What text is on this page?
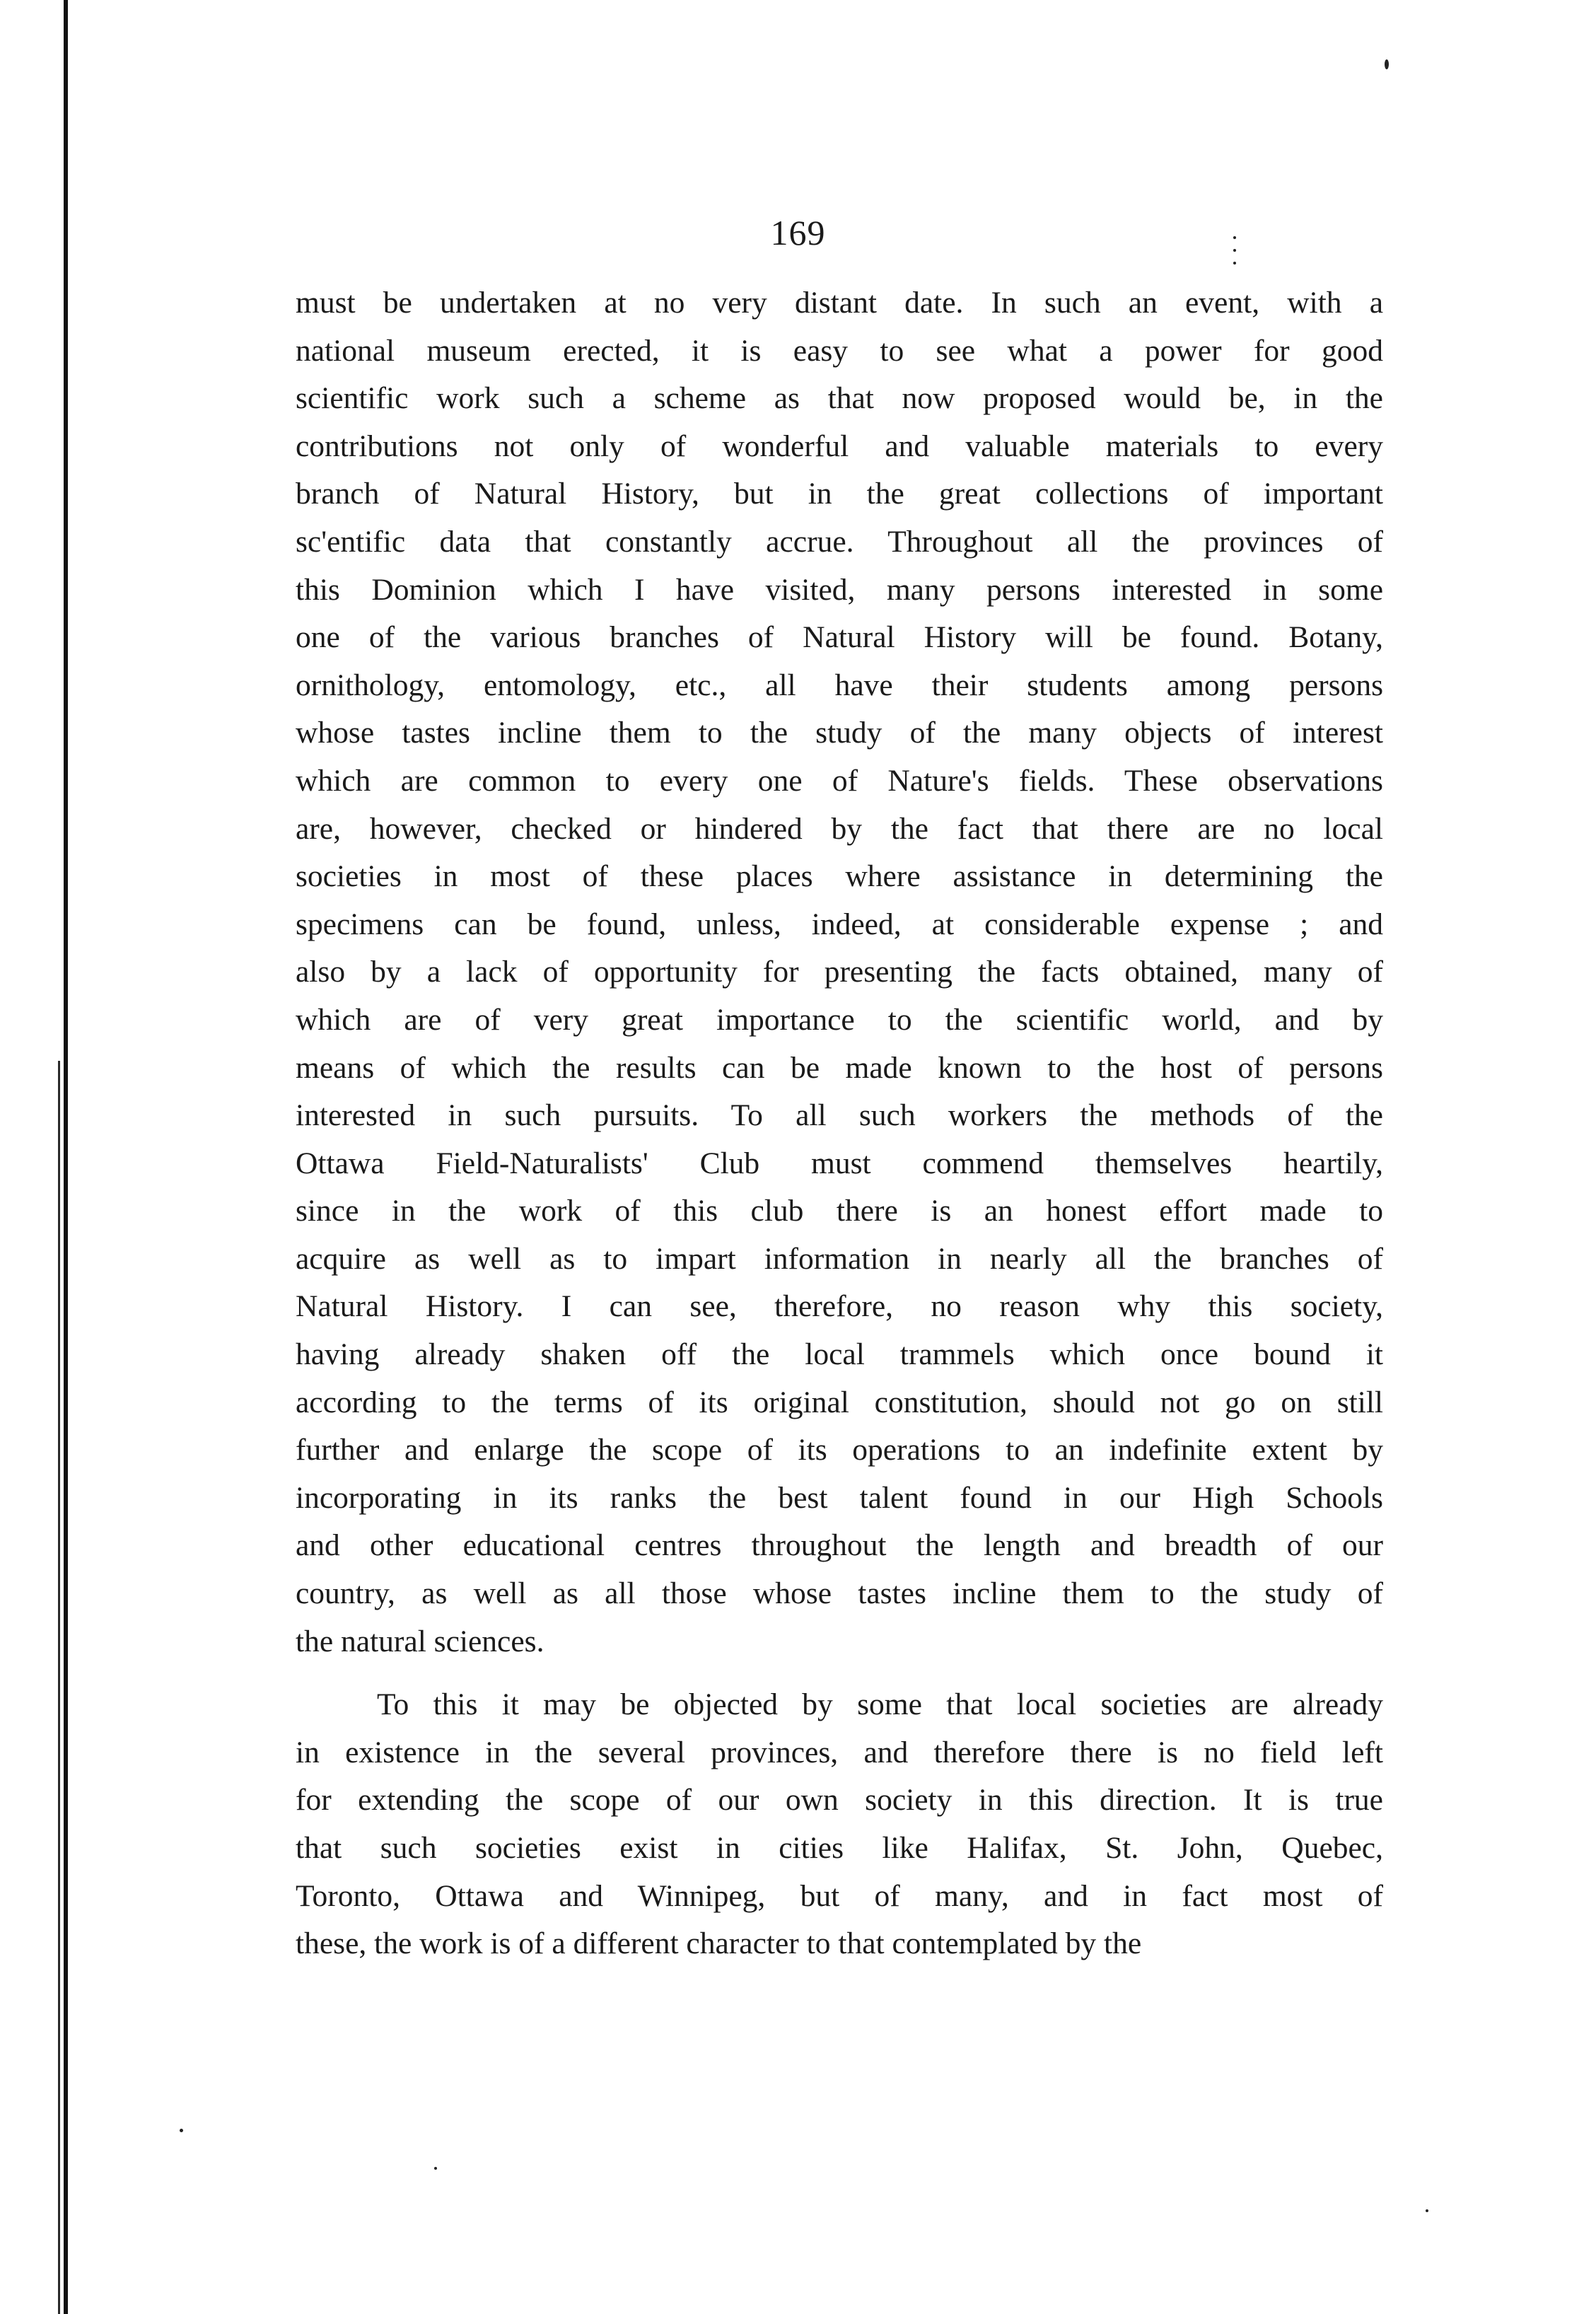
169
must be undertaken at no very distant date. In such an event, with a
national museum erected, it is easy to see what a power for good
scientific work such a scheme as that now proposed would be, in the
contributions not only of wonderful and valuable materials to every
branch of Natural History, but in the great collections of important
sc'entific data that constantly accrue. Throughout all the provinces of
this Dominion which I have visited, many persons interested in some
one of the various branches of Natural History will be found. Botany,
ornithology, entomology, etc., all have their students among persons
whose tastes incline them to the study of the many objects of interest
which are common to every one of Nature's fields. These observations
are, however, checked or hindered by the fact that there are no local
societies in most of these places where assistance in determining the
specimens can be found, unless, indeed, at considerable expense ; and
also by a lack of opportunity for presenting the facts obtained, many of
which are of very great importance to the scientific world, and by
means of which the results can be made known to the host of persons
interested in such pursuits. To all such workers the methods of the
Ottawa Field-Naturalists' Club must commend themselves heartily,
since in the work of this club there is an honest effort made to
acquire as well as to impart information in nearly all the branches of
Natural History. I can see, therefore, no reason why this society,
having already shaken off the local trammels which once bound it
according to the terms of its original constitution, should not go on still
further and enlarge the scope of its operations to an indefinite extent by
incorporating in its ranks the best talent found in our High Schools
and other educational centres throughout the length and breadth of our
country, as well as all those whose tastes incline them to the study of
the natural sciences.
To this it may be objected by some that local societies are already
in existence in the several provinces, and therefore there is no field left
for extending the scope of our own society in this direction. It is true
that such societies exist in cities like Halifax, St. John, Quebec,
Toronto, Ottawa and Winnipeg, but of many, and in fact most of
these, the work is of a different character to that contemplated by the
